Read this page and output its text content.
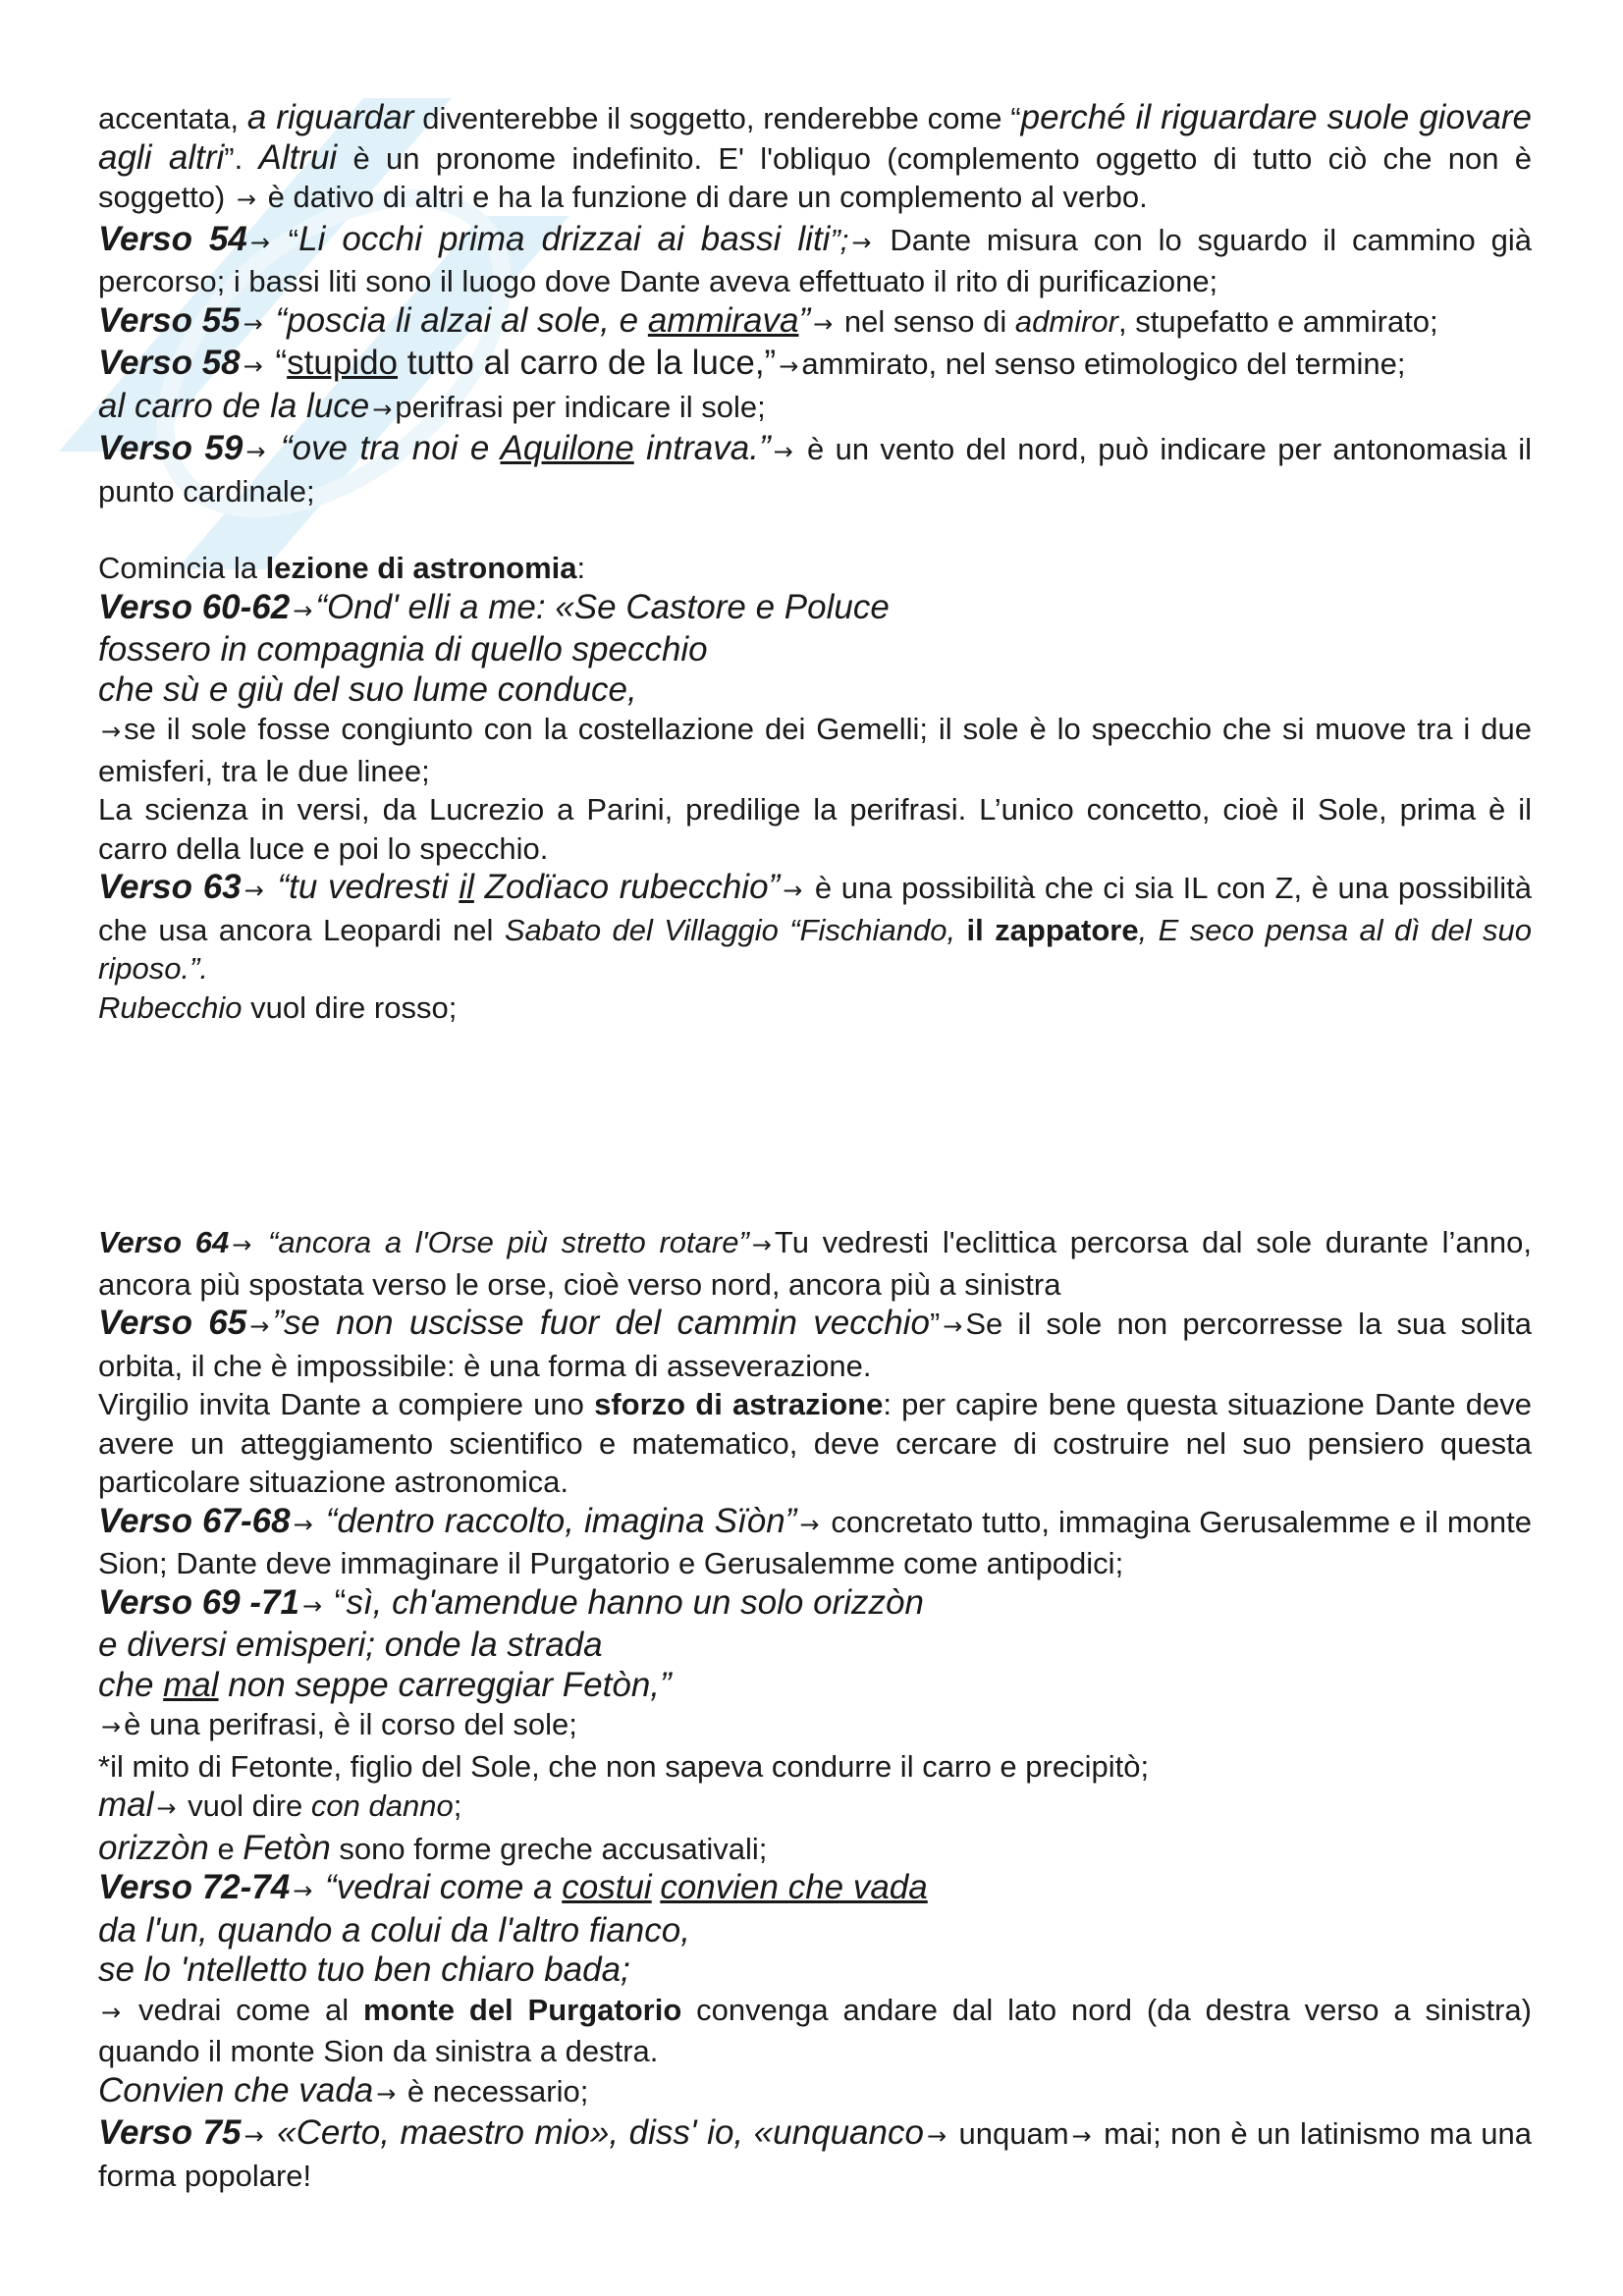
accentata, a riguardar diventerebbe il soggetto, renderebbe come “perché il riguardare suole giovare agli altri”. Altrui è un pronome indefinito. E' l'obliquo (complemento oggetto di tutto ciò che non è soggetto) → è dativo di altri e ha la funzione di dare un complemento al verbo.

Verso 54 → “Li occhi prima drizzai ai bassi liti”; → Dante misura con lo sguardo il cammino già percorso; i bassi liti sono il luogo dove Dante aveva effettuato il rito di purificazione;

Verso 55 → “poscia li alzai al sole, e ammirava” → nel senso di admiror, stupefatto e ammirato;

Verso 58 → “stupido tutto al carro de la luce,” →ammirato, nel senso etimologico del termine;

al carro de la luce →perifrasi per indicare il sole;

Verso 59 → “ove tra noi e Aquilone intrava.” → è un vento del nord, può indicare per antonomasia il punto cardinale;

Comincia la lezione di astronomia:

Verso 60-62 →“Ond' elli a me: «Se Castore e Poluce

fossero in compagnia di quello specchio

che sù e giù del suo lume conduce,

→se il sole fosse congiunto con la costellazione dei Gemelli; il sole è lo specchio che si muove tra i due emisferi, tra le due linee;

La scienza in versi, da Lucrezio a Parini, predilige la perifrasi. L’unico concetto, cioè il Sole, prima è il carro della luce e poi lo specchio.

Verso 63 → “tu vedresti il Zodïaco rubecchio” → è una possibilità che ci sia IL con Z, è una possibilità che usa ancora Leopardi nel Sabato del Villaggio “Fischiando, il zappatore, E seco pensa al dì del suo riposo.”.

Rubecchio vuol dire rosso;

Verso 64 → “ancora a l'Orse più stretto rotare” →Tu vedresti l'eclittica percorsa dal sole durante l’anno, ancora più spostata verso le orse, cioè verso nord, ancora più a sinistra

Verso 65 →”se non uscisse fuor del cammin vecchio” →Se il sole non percorresse la sua solita orbita, il che è impossibile: è una forma di asseverazione.

Virgilio invita Dante a compiere uno sforzo di astrazione: per capire bene questa situazione Dante deve avere un atteggiamento scientifico e matematico, deve cercare di costruire nel suo pensiero questa particolare situazione astronomica.

Verso 67-68 → “dentro raccolto, imagina Sïòn” → concretato tutto, immagina Gerusalemme e il monte Sion; Dante deve immaginare il Purgatorio e Gerusalemme come antipodici;

Verso 69 -71 → “sì, ch'amendue hanno un solo orizzòn

e diversi emisperi; onde la strada

che mal non seppe carreggiar Fetòn,”

→è una perifrasi, è il corso del sole;

*il mito di Fetonte, figlio del Sole, che non sapeva condurre il carro e precipitò;

mal → vuol dire con danno;

orizzòn e Fetòn sono forme greche accusativali;

Verso 72-74 → “vedrai come a costui convien che vada

da l'un, quando a colui da l'altro fianco,

se lo 'ntelletto tuo ben chiaro bada;

→ vedrai come al monte del Purgatorio convenga andare dal lato nord (da destra verso a sinistra) quando il monte Sion da sinistra a destra.

Convien che vada → è necessario;

Verso 75 → «Certo, maestro mio», diss' io, «unquanco → unquam → mai; non è un latinismo ma una forma popolare!
